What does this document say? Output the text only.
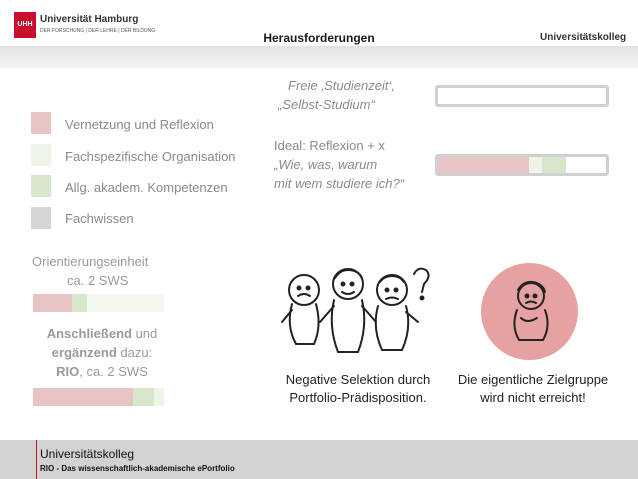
UHH Universität Hamburg
DER FORSCHUNG | DER LEHRE | DER BILDUNG	Herausforderungen	Universitätskolleg
Vernetzung und Reflexion
Fachspezifische Organisation
Allg. akadem. Kompetenzen
Fachwissen
Freie ‚Studienzeit‘,
„Selbst-Studium“
Ideal: Reflexion + x
„Wie, was, warum
mit wem studiere ich?“
Orientierungseinheit
ca. 2 SWS
Anschließend und
ergänzend dazu:
RIO, ca. 2 SWS
Negative Selektion durch
Portfolio-Prädisposition.
Die eigentliche Zielgruppe
wird nicht erreicht!
Universitätskolleg
RIO - Das wissenschaftlich-akademische ePortfolio
